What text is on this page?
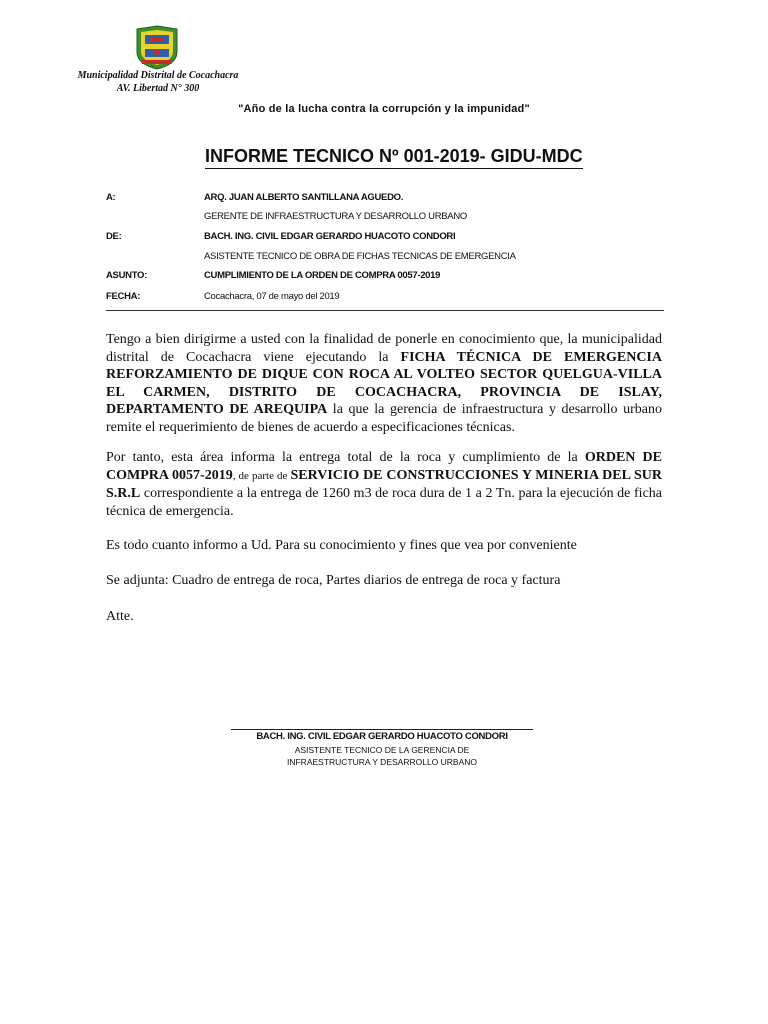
Municipalidad Distrital de Cocachacra
AV. Libertad N° 300
"Año de la lucha contra la corrupción y la impunidad"
INFORME TECNICO Nº 001-2019- GIDU-MDC
A:	ARQ. JUAN ALBERTO SANTILLANA AGUEDO.
GERENTE DE INFRAESTRUCTURA Y DESARROLLO URBANO
DE:	BACH. ING. CIVIL EDGAR GERARDO HUACOTO CONDORI
ASISTENTE TECNICO DE OBRA DE FICHAS TECNICAS DE EMERGENCIA
ASUNTO:	CUMPLIMIENTO DE LA ORDEN DE COMPRA 0057-2019
FECHA:	Cocachacra, 07 de mayo del 2019
Tengo a bien dirigirme a usted con la finalidad de ponerle en conocimiento que, la municipalidad distrital de Cocachacra viene ejecutando la FICHA TÉCNICA DE EMERGENCIA REFORZAMIENTO DE DIQUE CON ROCA AL VOLTEO SECTOR QUELGUA-VILLA EL CARMEN, DISTRITO DE COCACHACRA, PROVINCIA DE ISLAY, DEPARTAMENTO DE AREQUIPA la que la gerencia de infraestructura y desarrollo urbano remite el requerimiento de bienes de acuerdo a especificaciones técnicas.
Por tanto, esta área informa la entrega total de la roca y cumplimiento de la ORDEN DE COMPRA 0057-2019, de parte de SERVICIO DE CONSTRUCCIONES Y MINERIA DEL SUR S.R.L correspondiente a la entrega de 1260 m3 de roca dura de 1 a 2 Tn. para la ejecución de ficha técnica de emergencia.
Es todo cuanto informo a Ud. Para su conocimiento y fines que vea por conveniente
Se adjunta: Cuadro de entrega de roca, Partes diarios de entrega de roca y factura
Atte.
BACH. ING. CIVIL EDGAR GERARDO HUACOTO CONDORI
ASISTENTE TECNICO DE LA GERENCIA DE
INFRAESTRUCTURA Y DESARROLLO URBANO
